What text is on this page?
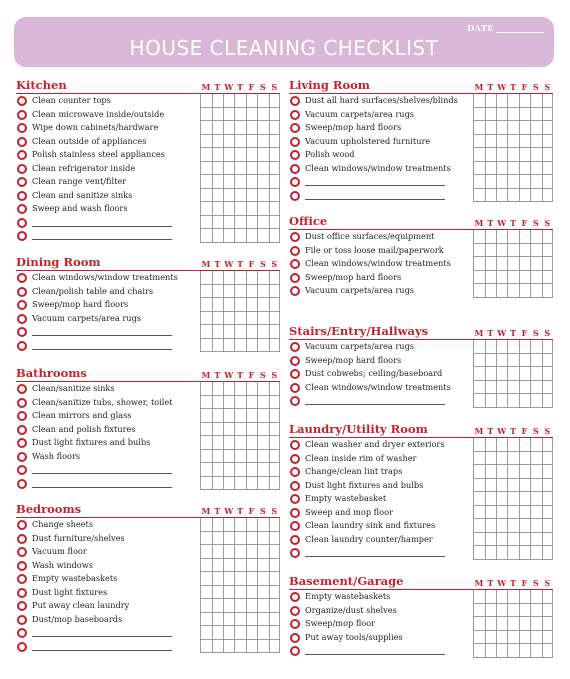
DATE
HOUSE CLEANING CHECKLIST
Kitchen	M T W T F S S
Clean counter tops
Clean microwave inside/outside
Wipe down cabinets/hardware
Clean outside of appliances
Polish stainless steel appliances
Clean refrigerator inside
Clean range vent/filter
Clean and sanitize sinks
Sweep and wash floors
Dining Room	M T W T F S S
Clean windows/window treatments
Clean/polish table and chairs
Sweep/mop hard floors
Vacuum carpets/area rugs
Bathrooms	M T W T F S S
Clean/sanitize sinks
Clean/sanitize tubs, shower, toilet
Clean mirrors and glass
Clean and polish fixtures
Dust light fixtures and bulbs
Wash floors
Bedrooms	M T W T F S S
Change sheets
Dust furniture/shelves
Vacuum floor
Wash windows
Empty wastebaskets
Dust light fixtures
Put away clean laundry
Dust/mop baseboards
Living Room	M T W T F S S
Dust all hard surfaces/shelves/blinds
Vacuum carpets/area rugs
Sweep/mop hard floors
Vacuum upholstered furniture
Polish wood
Clean windows/window treatments
Office	M T W T F S S
Dust office surfaces/equipment
File or toss loose mail/paperwork
Clean windows/window treatments
Sweep/mop hard floors
Vacuum carpets/area rugs
Stairs/Entry/Hallways	M T W T F S S
Vacuum carpets/area rugs
Sweep/mop hard floors
Dust cobwebs; ceiling/baseboard
Clean windows/window treatments
Laundry/Utility Room	M T W T F S S
Clean washer and dryer exteriors
Clean inside rim of washer
Change/clean lint traps
Dust light fixtures and bulbs
Empty wastebasket
Sweep and mop floor
Clean laundry sink and fixtures
Clean laundry counter/hamper
Basement/Garage	M T W T F S S
Empty wastebaskets
Organize/dust shelves
Sweep/mop floor
Put away tools/supplies
